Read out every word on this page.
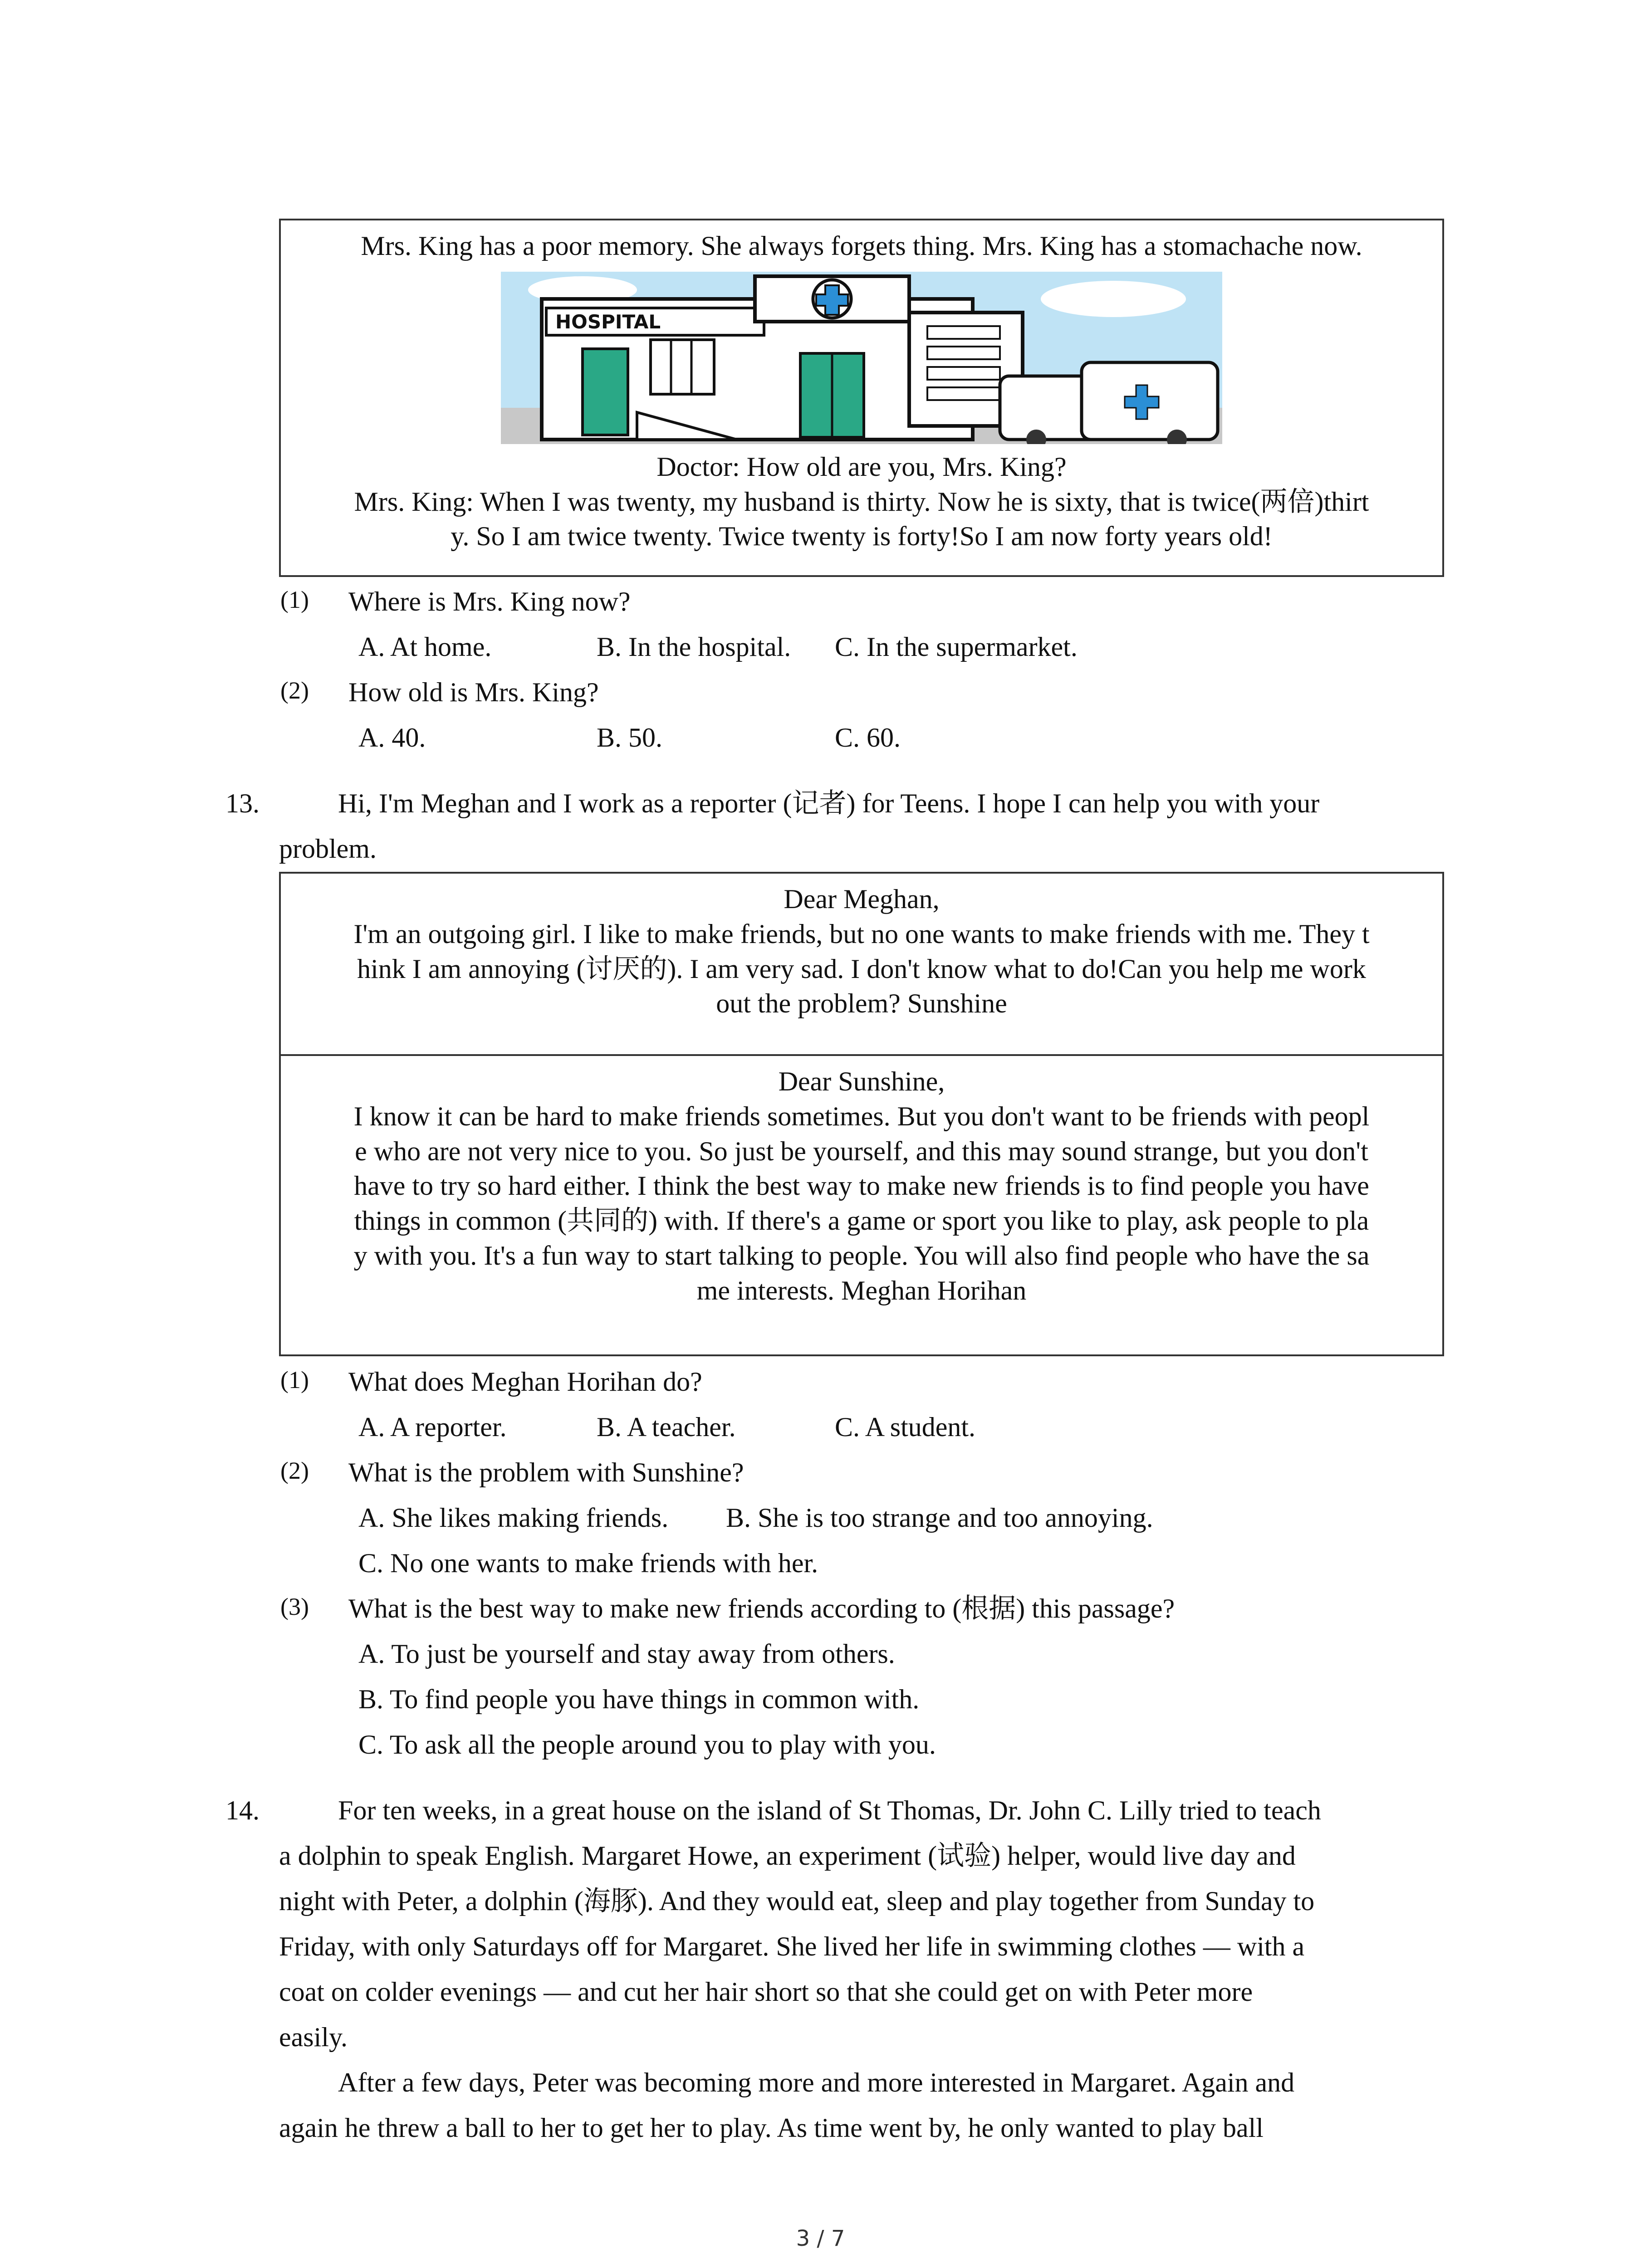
Mrs. King has a poor memory. She always forgets thing. Mrs. King has a stomachache now.

HOSPITAL

Doctor: How old are you, Mrs. King?

Mrs. King: When I was twenty, my husband is thirty. Now he is sixty, that is twice(两倍)thirt

y. So I am twice twenty. Twice twenty is forty!So I am now forty years old!

(1) Where is Mrs. King now?
A. At home.	B. In the hospital. C. In the supermarket.
(2) How old is Mrs. King?
A. 40.	B. 50.	C. 60.
13.	Hi, I'm Meghan and I work as a reporter (记者) for Teens. I hope I can help you with your
problem.

Dear Meghan,

I'm an outgoing girl. I like to make friends, but no one wants to make friends with me. They t

hink I am annoying (讨厌的). I am very sad. I don't know what to do!Can you help me work

out the problem? Sunshine

Dear Sunshine,

I know it can be hard to make friends sometimes. But you don't want to be friends with peopl

e who are not very nice to you. So just be yourself, and this may sound strange, but you don't

have to try so hard either. I think the best way to make new friends is to find people you have

things in common (共同的) with. If there's a game or sport you like to play, ask people to pla

y with you. It's a fun way to start talking to people. You will also find people who have the sa

me interests. Meghan Horihan

(1) What does Meghan Horihan do?
A. A reporter.	B. A teacher.	C. A student.
(2) What is the problem with Sunshine?
A. She likes making friends. B. She is too strange and too annoying.
C. No one wants to make friends with her.
(3) What is the best way to make new friends according to (根据) this passage?
A. To just be yourself and stay away from others.
B. To find people you have things in common with.
C. To ask all the people around you to play with you.
14.	For ten weeks, in a great house on the island of St Thomas, Dr. John C. Lilly tried to teach
a dolphin to speak English. Margaret Howe, an experiment (试验) helper, would live day and
night with Peter, a dolphin (海豚). And they would eat, sleep and play together from Sunday to
Friday, with only Saturdays off for Margaret. She lived her life in swimming clothes — with a
coat on colder evenings — and cut her hair short so that she could get on with Peter more
easily.
After a few days, Peter was becoming more and more interested in Margaret. Again and
again he threw a ball to her to get her to play. As time went by, he only wanted to play ball
3 / 7
